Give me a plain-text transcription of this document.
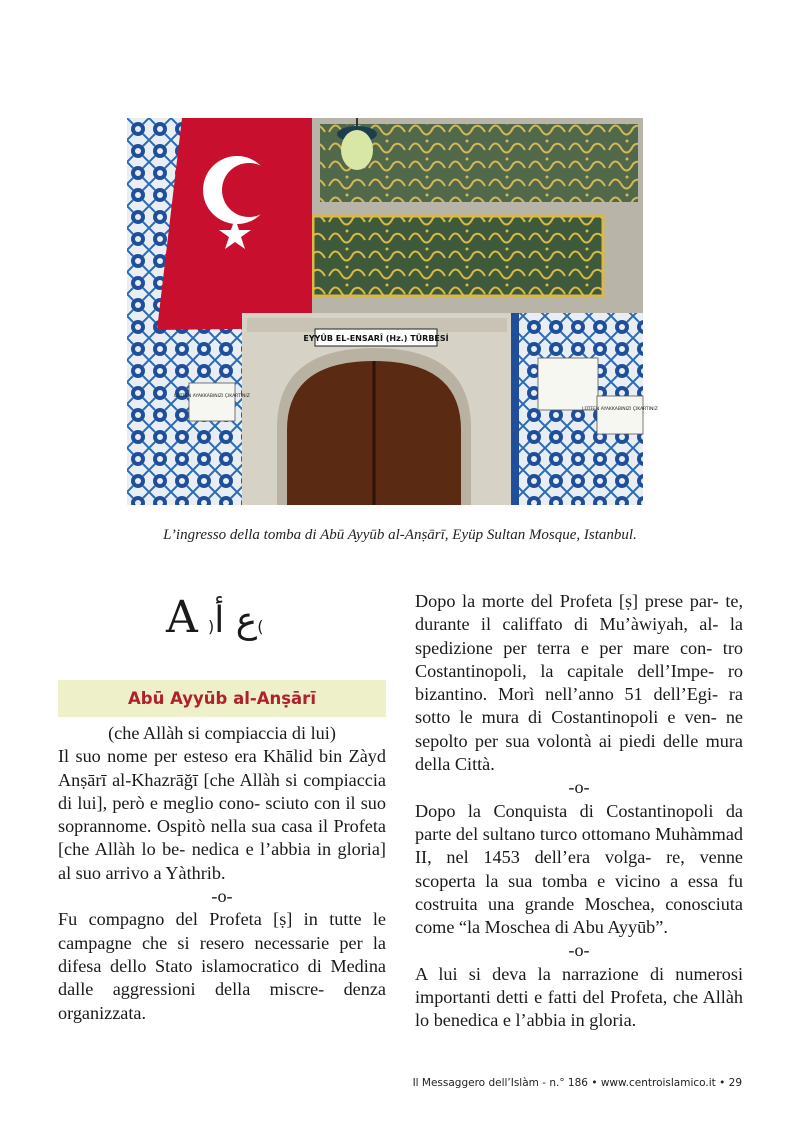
EYYÛB EL-ENSARÎ (Hz.) TÜRBESİ
LÜTFEN AYAKKABINIZI ÇIKARTINIZ
LÜTFEN AYAKKABINIZI ÇIKARTINIZ
L’ingresso della tomba di Abū Ayyūb al-Anṣārī, Eyüp Sultan Mosque, Istanbul.
A	)ع أ(
Abū Ayyūb al-Anṣārī
(che Allàh si compiaccia di lui)

Il suo nome per esteso era Khālid bin Zàyd Anṣārī al-Khazrāğī [che Allàh si compiaccia di lui], però e meglio cono- sciuto con il suo soprannome. Ospitò nella sua casa il Profeta [che Allàh lo be- nedica e l’abbia in gloria] al suo arrivo a Yàthrib.

-o-

Fu compagno del Profeta [ṣ] in tutte le campagne che si resero necessarie per la difesa dello Stato islamocratico di Medina dalle aggressioni della miscre- denza organizzata.

Dopo la morte del Profeta [ṣ] prese par- te, durante il califfato di Mu’àwiyah, al- la spedizione per terra e per mare con- tro Costantinopoli, la capitale dell’Impe- ro bizantino. Morì nell’anno 51 dell’Egi- ra sotto le mura di Costantinopoli e ven- ne sepolto per sua volontà ai piedi delle mura della Città.

-o-

Dopo la Conquista di Costantinopoli da parte del sultano turco ottomano Muhàmmad II, nel 1453 dell’era volga- re, venne scoperta la sua tomba e vicino a essa fu costruita una grande Moschea, conosciuta come “la Moschea di Abu Ayyūb”.

-o-

A lui si deva la narrazione di numerosi importanti detti e fatti del Profeta, che Allàh lo benedica e l’abbia in gloria.

Il Messaggero dell’Islàm - n.° 186 • www.centroislamico.it • 29
